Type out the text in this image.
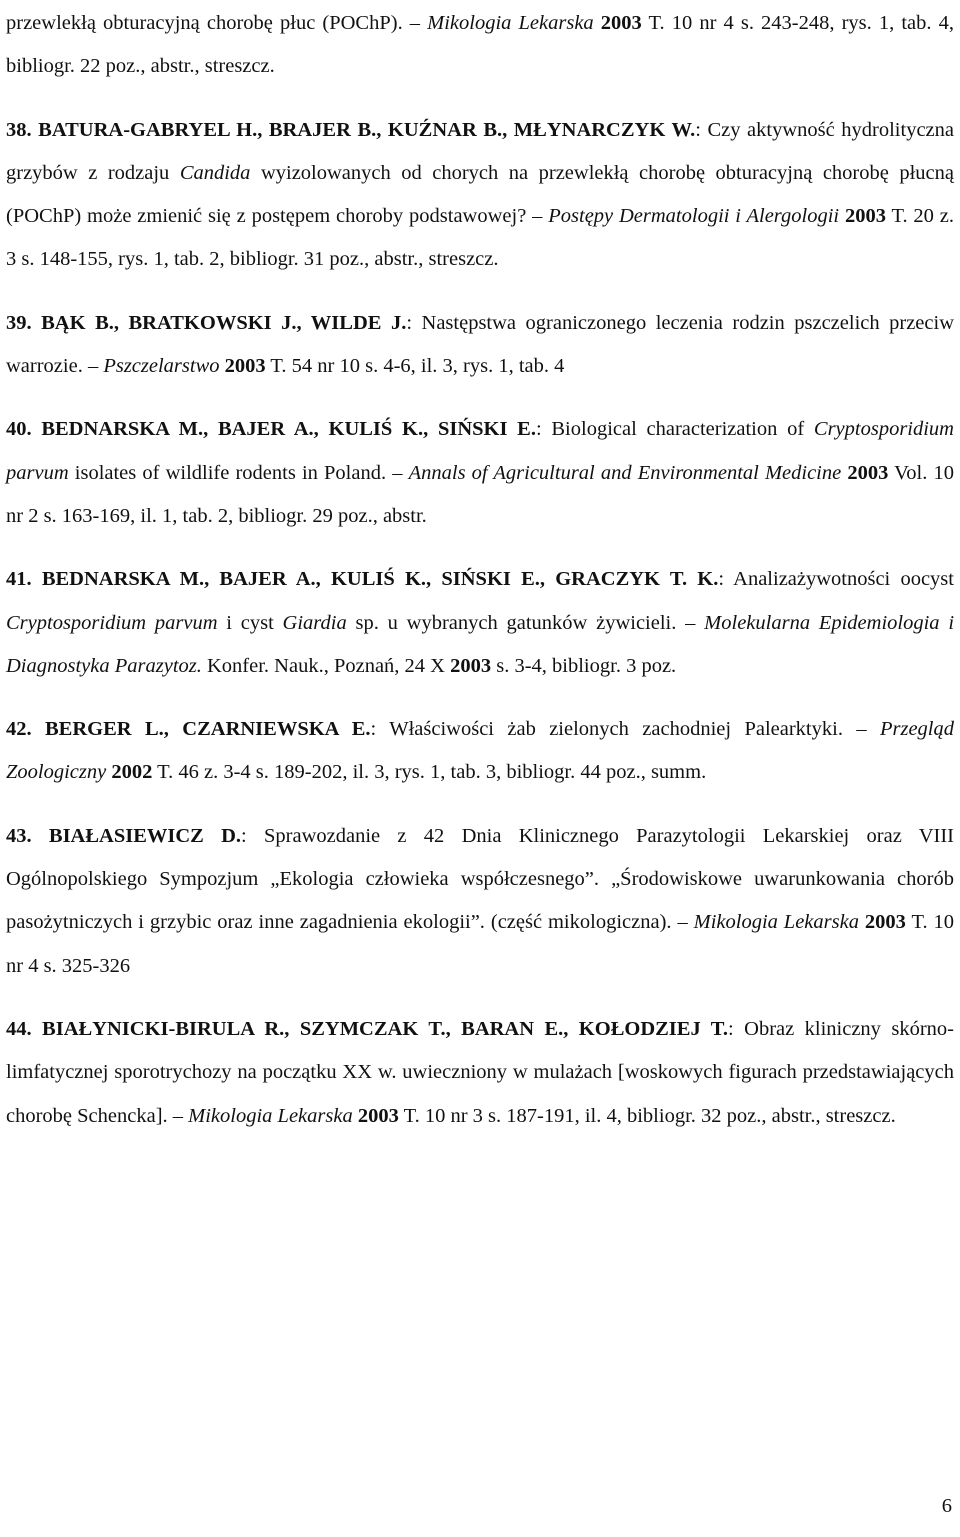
przewlekłą obturacyjną chorobę płuc (POChP). – Mikologia Lekarska 2003 T. 10 nr 4 s. 243-248, rys. 1, tab. 4, bibliogr. 22 poz., abstr., streszcz.

38. BATURA-GABRYEL H., BRAJER B., KUŹNAR B., MŁYNARCZYK W.: Czy aktywność hydrolityczna grzybów z rodzaju Candida wyizolowanych od chorych na przewlekłą chorobę obturacyjną chorobę płucną (POChP) może zmienić się z postępem choroby podstawowej? – Postępy Dermatologii i Alergologii 2003 T. 20 z. 3 s. 148-155, rys. 1, tab. 2, bibliogr. 31 poz., abstr., streszcz.

39. BĄK B., BRATKOWSKI J., WILDE J.: Następstwa ograniczonego leczenia rodzin pszczelich przeciw warrozie. – Pszczelarstwo 2003 T. 54 nr 10 s. 4-6, il. 3, rys. 1, tab. 4

40. BEDNARSKA M., BAJER A., KULIŚ K., SIŃSKI E.: Biological characterization of Cryptosporidium parvum isolates of wildlife rodents in Poland. – Annals of Agricultural and Environmental Medicine 2003 Vol. 10 nr 2 s. 163-169, il. 1, tab. 2, bibliogr. 29 poz., abstr.

41. BEDNARSKA M., BAJER A., KULIŚ K., SIŃSKI E., GRACZYK T. K.: Analizażywotności oocyst Cryptosporidium parvum i cyst Giardia sp. u wybranych gatunków żywicieli. – Molekularna Epidemiologia i Diagnostyka Parazytoz. Konfer. Nauk., Poznań, 24 X 2003 s. 3-4, bibliogr. 3 poz.

42. BERGER L., CZARNIEWSKA E.: Właściwości żab zielonych zachodniej Palearktyki. – Przegląd Zoologiczny 2002 T. 46 z. 3-4 s. 189-202, il. 3, rys. 1, tab. 3, bibliogr. 44 poz., summ.

43. BIAŁASIEWICZ D.: Sprawozdanie z 42 Dnia Klinicznego Parazytologii Lekarskiej oraz VIII Ogólnopolskiego Sympozjum „Ekologia człowieka współczesnego”. „Środowiskowe uwarunkowania chorób pasożytniczych i grzybic oraz inne zagadnienia ekologii”. (część mikologiczna). – Mikologia Lekarska 2003 T. 10 nr 4 s. 325-326

44. BIAŁYNICKI-BIRULA R., SZYMCZAK T., BARAN E., KOŁODZIEJ T.: Obraz kliniczny skórno-limfatycznej sporotrychozy na początku XX w. uwieczniony w mulażach [woskowych figurach przedstawiających chorobę Schencka]. – Mikologia Lekarska 2003 T. 10 nr 3 s. 187-191, il. 4, bibliogr. 32 poz., abstr., streszcz.

6
